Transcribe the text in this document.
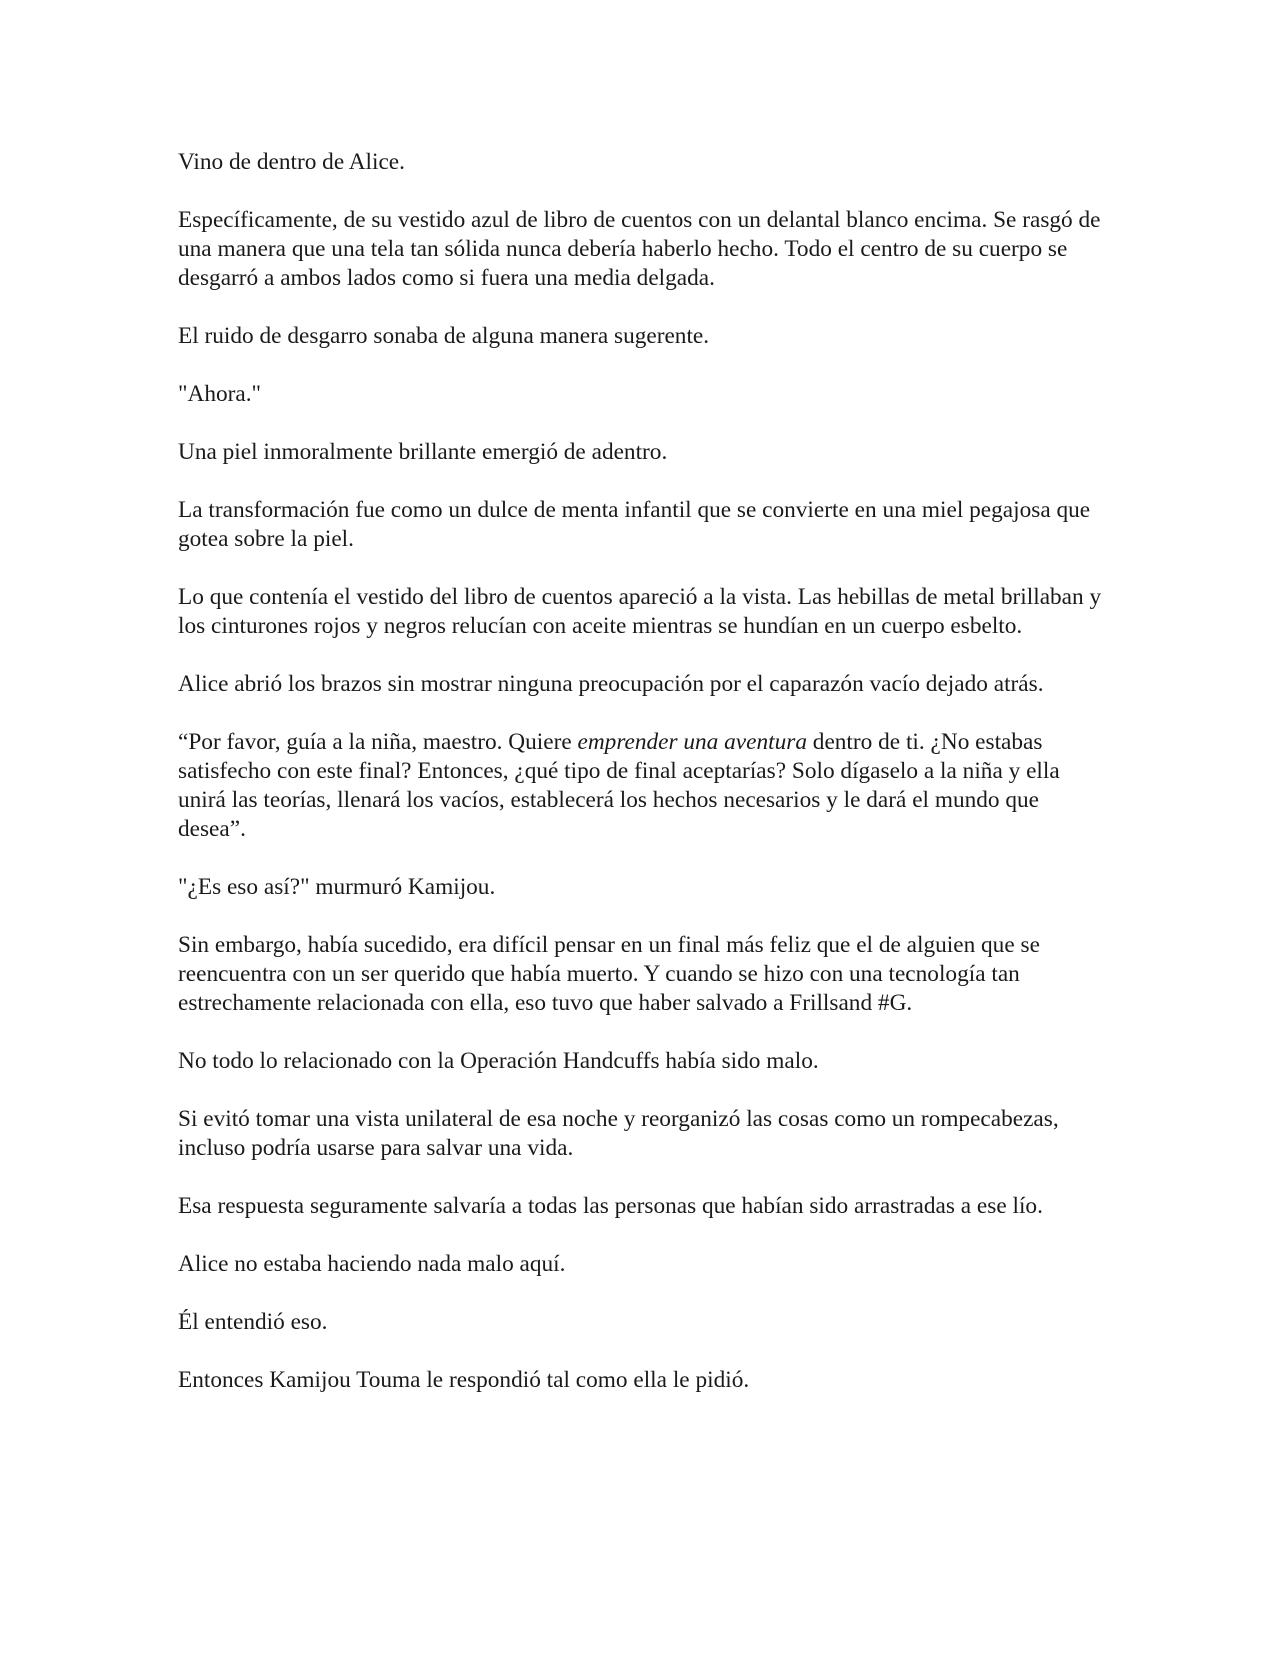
Vino de dentro de Alice.

Específicamente, de su vestido azul de libro de cuentos con un delantal blanco encima. Se rasgó de una manera que una tela tan sólida nunca debería haberlo hecho. Todo el centro de su cuerpo se desgarró a ambos lados como si fuera una media delgada.

El ruido de desgarro sonaba de alguna manera sugerente.

"Ahora."

Una piel inmoralmente brillante emergió de adentro.

La transformación fue como un dulce de menta infantil que se convierte en una miel pegajosa que gotea sobre la piel.

Lo que contenía el vestido del libro de cuentos apareció a la vista. Las hebillas de metal brillaban y los cinturones rojos y negros relucían con aceite mientras se hundían en un cuerpo esbelto.

Alice abrió los brazos sin mostrar ninguna preocupación por el caparazón vacío dejado atrás.

“Por favor, guía a la niña, maestro. Quiere emprender una aventura dentro de ti. ¿No estabas satisfecho con este final? Entonces, ¿qué tipo de final aceptarías? Solo dígaselo a la niña y ella unirá las teorías, llenará los vacíos, establecerá los hechos necesarios y le dará el mundo que desea”.

"¿Es eso así?" murmuró Kamijou.

Sin embargo, había sucedido, era difícil pensar en un final más feliz que el de alguien que se reencuentra con un ser querido que había muerto. Y cuando se hizo con una tecnología tan estrechamente relacionada con ella, eso tuvo que haber salvado a Frillsand #G.

No todo lo relacionado con la Operación Handcuffs había sido malo.

Si evitó tomar una vista unilateral de esa noche y reorganizó las cosas como un rompecabezas, incluso podría usarse para salvar una vida.

Esa respuesta seguramente salvaría a todas las personas que habían sido arrastradas a ese lío.

Alice no estaba haciendo nada malo aquí.

Él entendió eso.

Entonces Kamijou Touma le respondió tal como ella le pidió.
